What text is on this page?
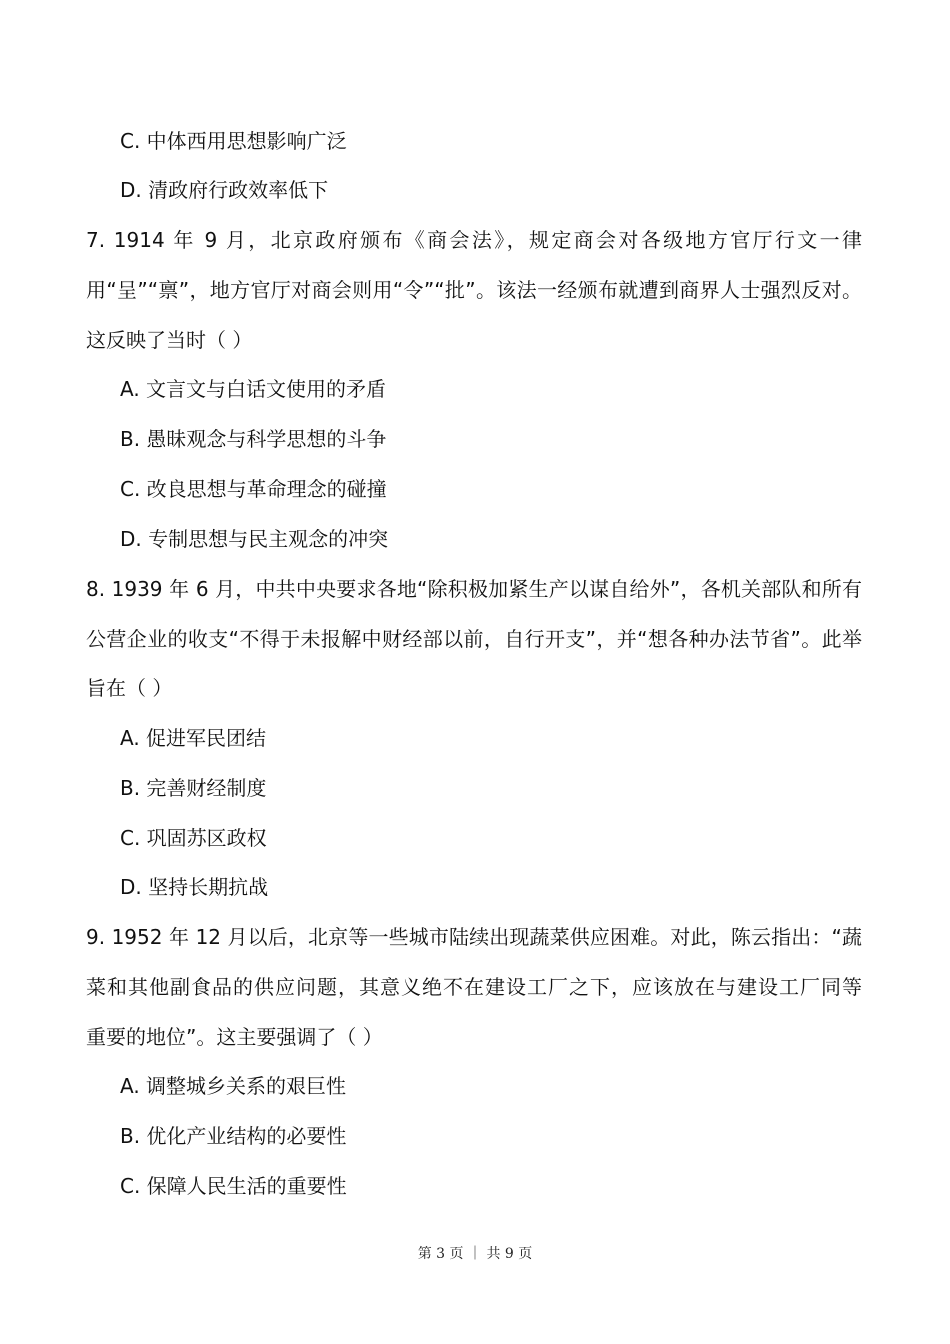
C. 中体西用思想影响广泛
D. 清政府行政效率低下
7. 1914 年 9 月，北京政府颁布《商会法》，规定商会对各级地方官厅行文一律
用“呈”“禀”，地方官厅对商会则用“令”“批”。该法一经颁布就遭到商界人士强烈反对。
这反映了当时（ ）
A. 文言文与白话文使用的矛盾
B. 愚昧观念与科学思想的斗争
C. 改良思想与革命理念的碰撞
D. 专制思想与民主观念的冲突
8. 1939 年 6 月，中共中央要求各地“除积极加紧生产以谋自给外”，各机关部队和所有
公营企业的收支“不得于未报解中财经部以前，自行开支”，并“想各种办法节省”。此举
旨在（ ）
A. 促进军民团结
B. 完善财经制度
C. 巩固苏区政权
D. 坚持长期抗战
9. 1952 年 12 月以后，北京等一些城市陆续出现蔬菜供应困难。对此，陈云指出：“蔬
菜和其他副食品的供应问题，其意义绝不在建设工厂之下，应该放在与建设工厂同等
重要的地位”。这主要强调了（ ）
A. 调整城乡关系的艰巨性
B. 优化产业结构的必要性
C. 保障人民生活的重要性
第 3 页 ｜ 共 9 页
